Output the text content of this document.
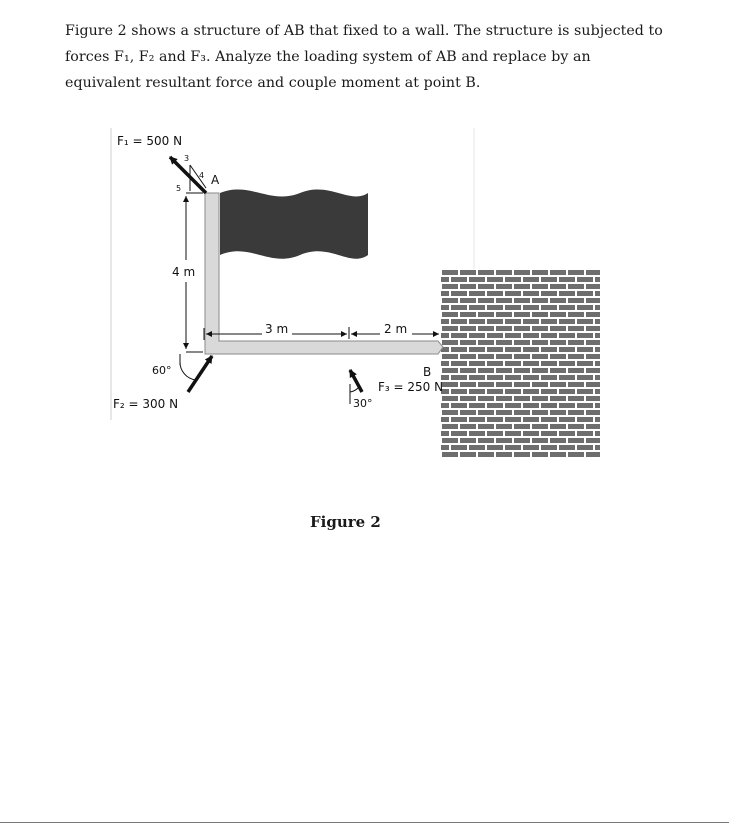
Figure 2 shows a structure of AB that fixed to a wall. The structure is subjected to forces F₁, F₂ and F₃. Analyze the loading system of AB and replace by an equivalent resultant force and couple moment at point B.

F₁ = 500 N
3
4
5
A
4 m
3 m	2 m
60°
F₂ = 300 N
B
F₃ = 250 N
30°
Figure 2
